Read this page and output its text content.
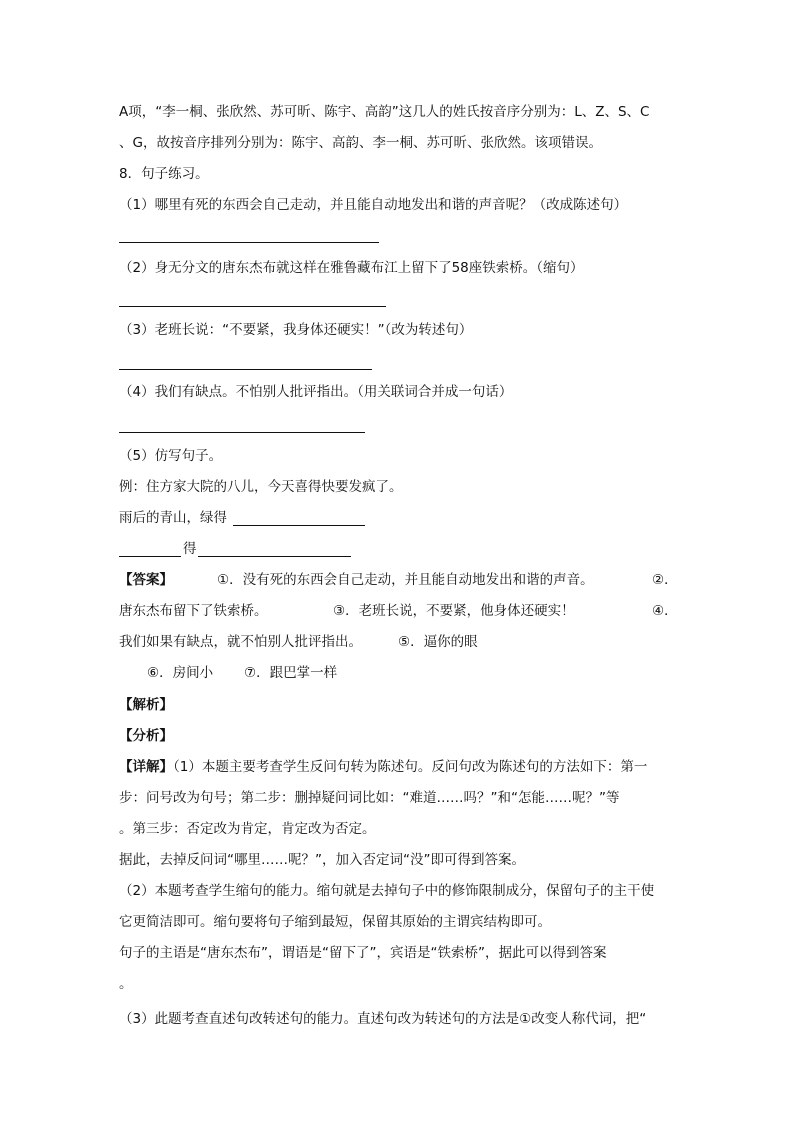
A项，“李一桐、张欣然、苏可昕、陈宇、高韵”这几人的姓氏按音序分别为：L、Z、S、C
、G，故按音序排列分别为：陈宇、高韵、李一桐、苏可昕、张欣然。该项错误。
8．句子练习。
（1）哪里有死的东西会自己走动，并且能自动地发出和谐的声音呢？（改成陈述句）
（2）身无分文的唐东杰布就这样在雅鲁藏布江上留下了58座铁索桥。（缩句）
（3）老班长说：“不要紧，我身体还硬实！”（改为转述句）
（4）我们有缺点。不怕别人批评指出。（用关联词合并成一句话）
（5）仿写句子。
例：住方家大院的八儿，今天喜得快要发疯了。
雨后的青山，绿得
得
【答案】	①．没有死的东西会自己走动，并且能自动地发出和谐的声音。	②．
唐东杰布留下了铁索桥。	③．老班长说，不要紧，他身体还硬实！	④．
我们如果有缺点，就不怕别人批评指出。	⑤．逼你的眼
⑥．房间小 ⑦．跟巴掌一样
【解析】
【分析】
【详解】（1）本题主要考查学生反问句转为陈述句。反问句改为陈述句的方法如下：第一
步：问号改为句号；第二步：删掉疑问词比如：“难道……吗？”和“怎能……呢？”等
。第三步：否定改为肯定，肯定改为否定。
据此，去掉反问词“哪里……呢？”，加入否定词“没”即可得到答案。
（2）本题考查学生缩句的能力。缩句就是去掉句子中的修饰限制成分，保留句子的主干使
它更简洁即可。缩句要将句子缩到最短，保留其原始的主谓宾结构即可。
句子的主语是“唐东杰布”，谓语是“留下了”，宾语是“铁索桥”，据此可以得到答案
。
（3）此题考查直述句改转述句的能力。直述句改为转述句的方法是①改变人称代词，把“
